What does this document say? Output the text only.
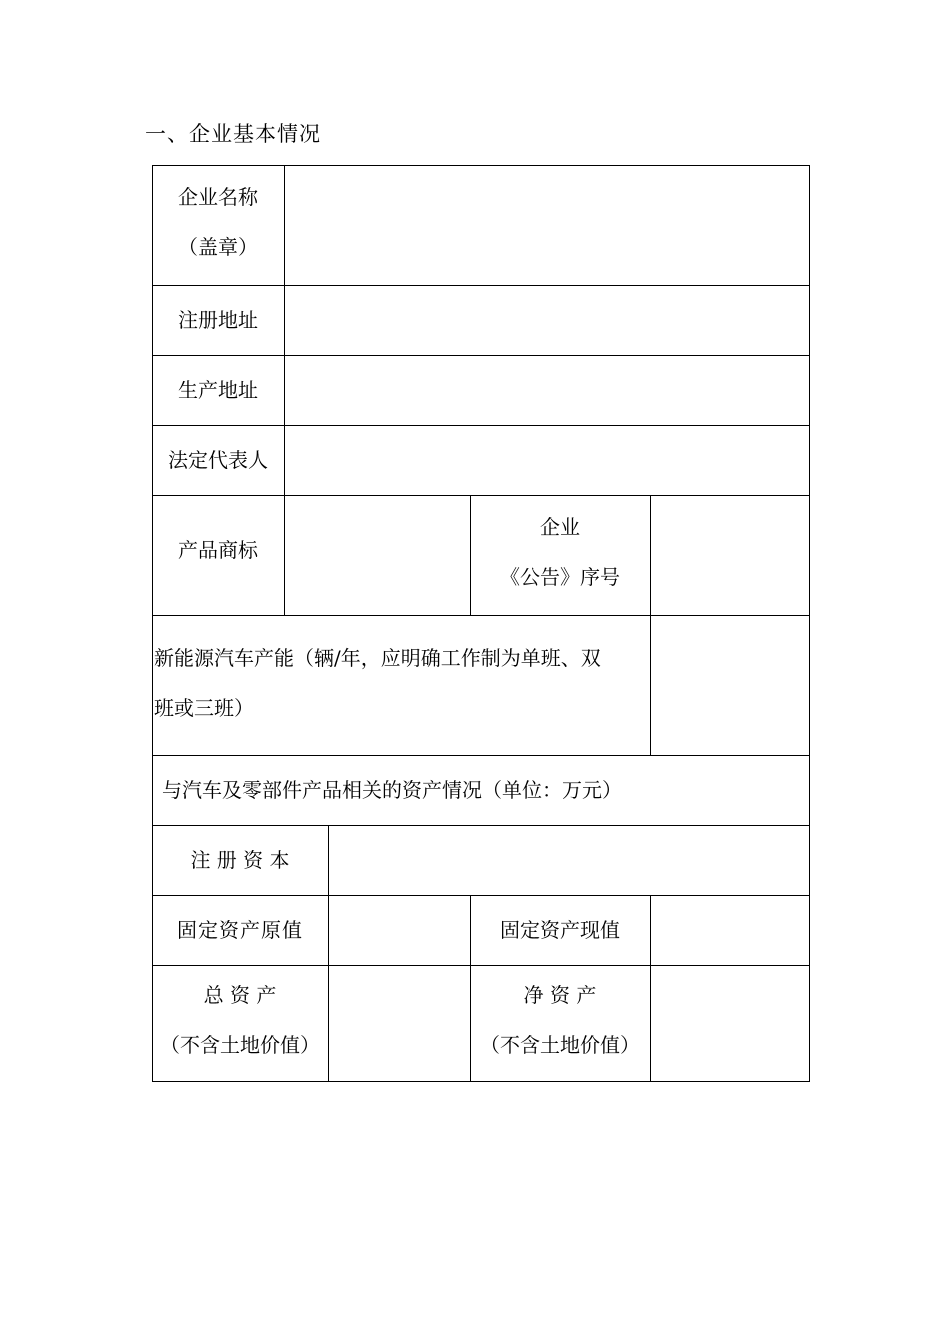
一、企业基本情况
企业名称
（盖章）
注册地址
生产地址
法定代表人
产品商标
企业
《公告》序号
新能源汽车产能（辆/年，应明确工作制为单班、双
班或三班）
与汽车及零部件产品相关的资产情况（单位：万元）
注 册 资 本
固定资产原值	固定资产现值
总 资 产
（不含土地价值）
净 资 产
（不含土地价值）
